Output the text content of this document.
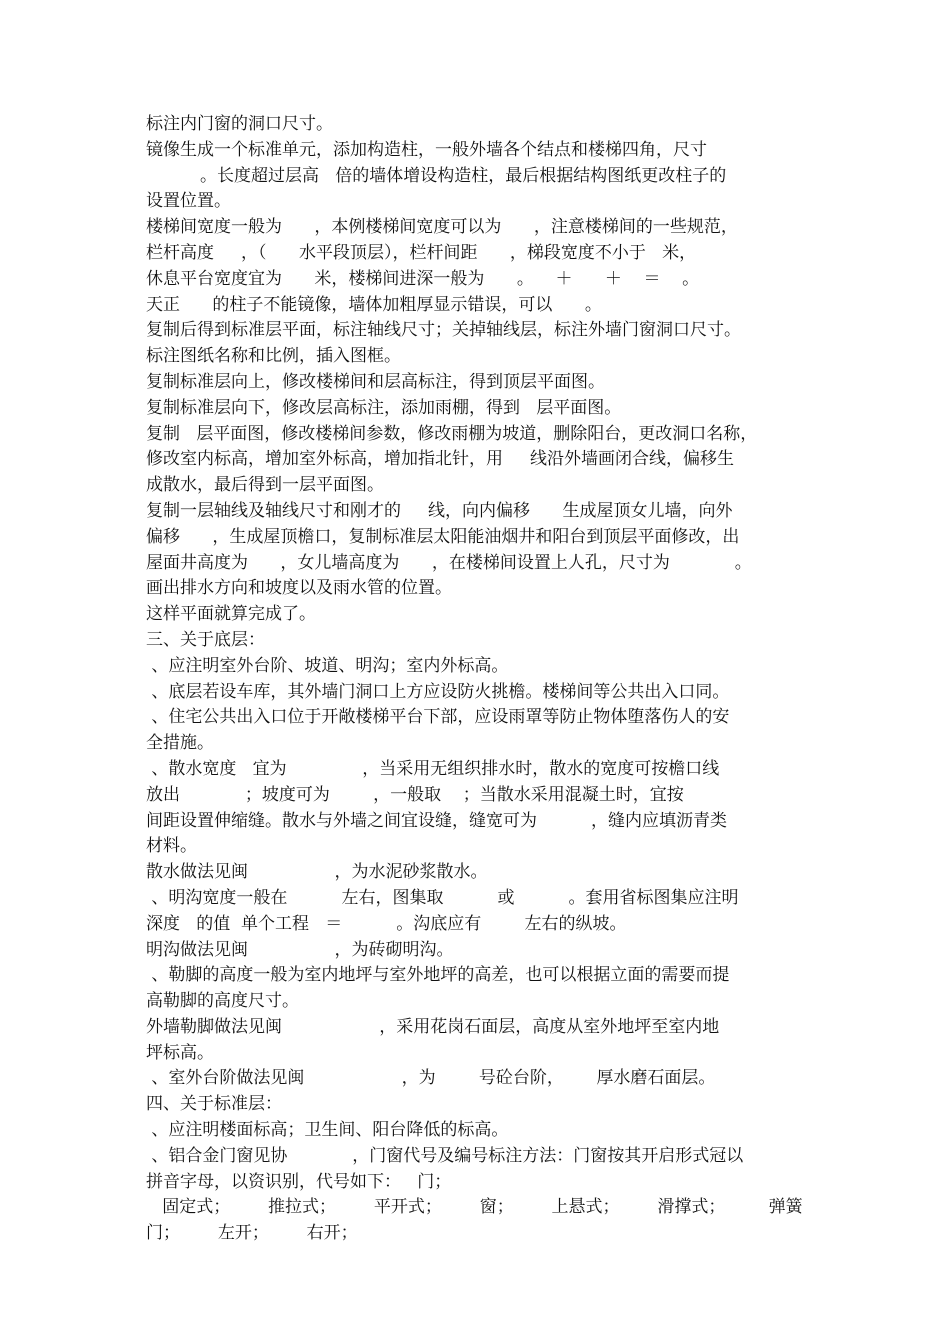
标注内门窗的洞口尺寸。
镜像生成一个标准单元，添加构造柱，一般外墙各个结点和楼梯四角，尺寸
。长度超过层高   倍的墙体增设构造柱，最后根据结构图纸更改柱子的
设置位置。
楼梯间宽度一般为      ，本例楼梯间宽度可以为      ，注意楼梯间的一些规范，
栏杆高度     ，（      水平段顶层），栏杆间距      ，梯段宽度不小于   米，
休息平台宽度宜为      米，楼梯间进深一般为      。    ＋      ＋    ＝    。
天正      的柱子不能镜像，墙体加粗厚显示错误，可以      。
复制后得到标准层平面，标注轴线尺寸；关掉轴线层，标注外墙门窗洞口尺寸。
标注图纸名称和比例，插入图框。
复制标准层向上，修改楼梯间和层高标注，得到顶层平面图。
复制标准层向下，修改层高标注，添加雨棚，得到   层平面图。
复制   层平面图，修改楼梯间参数，修改雨棚为坡道，删除阳台，更改洞口名称，
修改室内标高，增加室外标高，增加指北针，用     线沿外墙画闭合线，偏移生
成散水，最后得到一层平面图。
复制一层轴线及轴线尺寸和刚才的     线，向内偏移      生成屋顶女儿墙，向外
偏移      ，生成屋顶檐口，复制标准层太阳能油烟井和阳台到顶层平面修改，出
屋面井高度为      ，女儿墙高度为      ，在楼梯间设置上人孔，尺寸为            。
画出排水方向和坡度以及雨水管的位置。
这样平面就算完成了。
三、关于底层：
、应注明室外台阶、坡道、明沟；室内外标高。
、底层若设车库，其外墙门洞口上方应设防火挑檐。楼梯间等公共出入口同。
、住宅公共出入口位于开敞楼梯平台下部，应设雨罩等防止物体堕落伤人的安
全措施。
、散水宽度   宜为              ，当采用无组织排水时，散水的宽度可按檐口线
放出            ；坡度可为        ，一般取    ；当散水采用混凝土时，宜按
间距设置伸缩缝。散水与外墙之间宜设缝，缝宽可为          ，缝内应填沥青类
材料。
散水做法见闽                ，为水泥砂浆散水。
、明沟宽度一般在          左右，图集取          或          。套用省标图集应注明
深度   的值  单个工程   ＝          。沟底应有        左右的纵坡。
明沟做法见闽                ，为砖砌明沟。
、勒脚的高度一般为室内地坪与室外地坪的高差，也可以根据立面的需要而提
高勒脚的高度尺寸。
外墙勒脚做法见闽                  ，采用花岗石面层，高度从室外地坪至室内地
坪标高。
、室外台阶做法见闽                  ，为        号砼台阶，      厚水磨石面层。
四、关于标准层：
、应注明楼面标高；卫生间、阳台降低的标高。
、铝合金门窗见协            ，门窗代号及编号标注方法：门窗按其开启形式冠以
拼音字母，以资识别，代号如下：   门；
固定式；       推拉式；       平开式；       窗；       上悬式；       滑撑式；        弹簧
门；       左开；       右开；
